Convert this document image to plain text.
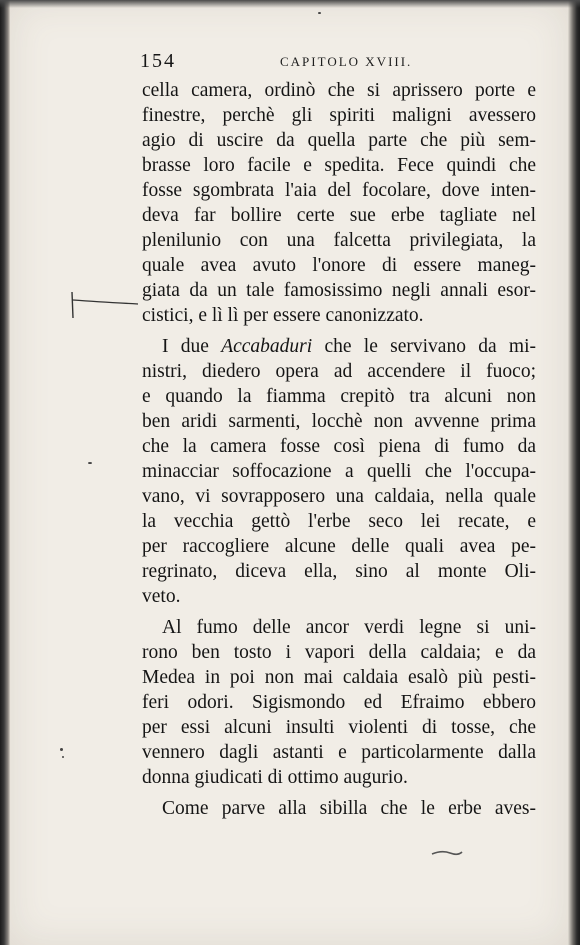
154	CAPITOLO XVIII.
cella camera, ordinò che si aprissero porte e
finestre, perchè gli spiriti maligni avessero
agio di uscire da quella parte che più sem-
brasse loro facile e spedita. Fece quindi che
fosse sgombrata l'aia del focolare, dove inten-
deva far bollire certe sue erbe tagliate nel
plenilunio con una falcetta privilegiata, la
quale avea avuto l'onore di essere maneg-
giata da un tale famosissimo negli annali esor-
cistici, e lì lì per essere canonizzato.
I due Accabaduri che le servivano da mi-
nistri, diedero opera ad accendere il fuoco;
e quando la fiamma crepitò tra alcuni non
ben aridi sarmenti, locchè non avvenne prima
che la camera fosse così piena di fumo da
minacciar soffocazione a quelli che l'occupa-
vano, vi sovrapposero una caldaia, nella quale
la vecchia gettò l'erbe seco lei recate, e
per raccogliere alcune delle quali avea pe-
regrinato, diceva ella, sino al monte Oli-
veto.
Al fumo delle ancor verdi legne si uni-
rono ben tosto i vapori della caldaia; e da
Medea in poi non mai caldaia esalò più pesti-
feri odori. Sigismondo ed Efraimo ebbero
per essi alcuni insulti violenti di tosse, che
vennero dagli astanti e particolarmente dalla
donna giudicati di ottimo augurio.
Come parve alla sibilla che le erbe aves-
